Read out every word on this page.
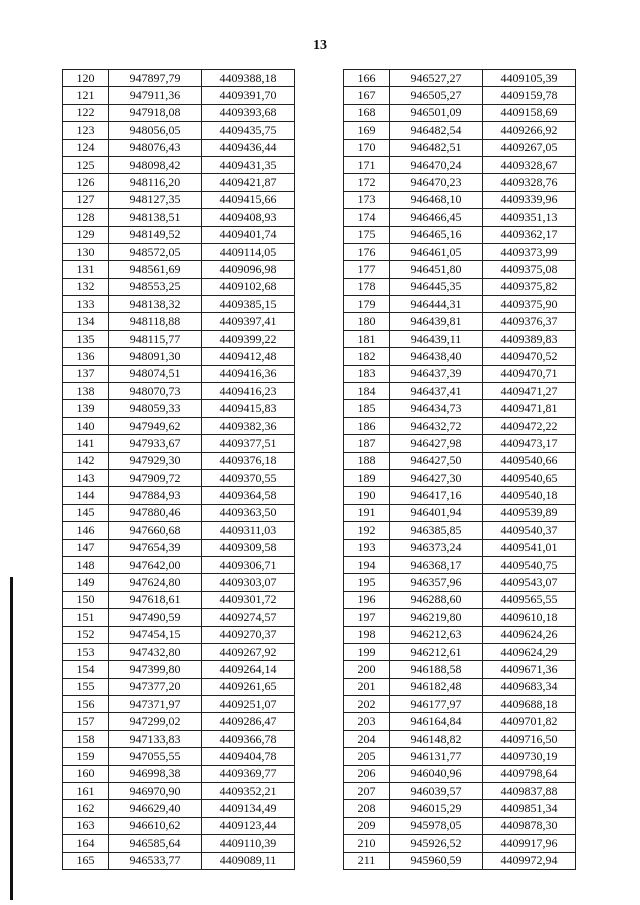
13
120	947897,79	4409388,18
121	947911,36	4409391,70
122	947918,08	4409393,68
123	948056,05	4409435,75
124	948076,43	4409436,44
125	948098,42	4409431,35
126	948116,20	4409421,87
127	948127,35	4409415,66
128	948138,51	4409408,93
129	948149,52	4409401,74
130	948572,05	4409114,05
131	948561,69	4409096,98
132	948553,25	4409102,68
133	948138,32	4409385,15
134	948118,88	4409397,41
135	948115,77	4409399,22
136	948091,30	4409412,48
137	948074,51	4409416,36
138	948070,73	4409416,23
139	948059,33	4409415,83
140	947949,62	4409382,36
141	947933,67	4409377,51
142	947929,30	4409376,18
143	947909,72	4409370,55
144	947884,93	4409364,58
145	947880,46	4409363,50
146	947660,68	4409311,03
147	947654,39	4409309,58
148	947642,00	4409306,71
149	947624,80	4409303,07
150	947618,61	4409301,72
151	947490,59	4409274,57
152	947454,15	4409270,37
153	947432,80	4409267,92
154	947399,80	4409264,14
155	947377,20	4409261,65
156	947371,97	4409251,07
157	947299,02	4409286,47
158	947133,83	4409366,78
159	947055,55	4409404,78
160	946998,38	4409369,77
161	946970,90	4409352,21
162	946629,40	4409134,49
163	946610,62	4409123,44
164	946585,64	4409110,39
165	946533,77	4409089,11
166	946527,27	4409105,39
167	946505,27	4409159,78
168	946501,09	4409158,69
169	946482,54	4409266,92
170	946482,51	4409267,05
171	946470,24	4409328,67
172	946470,23	4409328,76
173	946468,10	4409339,96
174	946466,45	4409351,13
175	946465,16	4409362,17
176	946461,05	4409373,99
177	946451,80	4409375,08
178	946445,35	4409375,82
179	946444,31	4409375,90
180	946439,81	4409376,37
181	946439,11	4409389,83
182	946438,40	4409470,52
183	946437,39	4409470,71
184	946437,41	4409471,27
185	946434,73	4409471,81
186	946432,72	4409472,22
187	946427,98	4409473,17
188	946427,50	4409540,66
189	946427,30	4409540,65
190	946417,16	4409540,18
191	946401,94	4409539,89
192	946385,85	4409540,37
193	946373,24	4409541,01
194	946368,17	4409540,75
195	946357,96	4409543,07
196	946288,60	4409565,55
197	946219,80	4409610,18
198	946212,63	4409624,26
199	946212,61	4409624,29
200	946188,58	4409671,36
201	946182,48	4409683,34
202	946177,97	4409688,18
203	946164,84	4409701,82
204	946148,82	4409716,50
205	946131,77	4409730,19
206	946040,96	4409798,64
207	946039,57	4409837,88
208	946015,29	4409851,34
209	945978,05	4409878,30
210	945926,52	4409917,96
211	945960,59	4409972,94
